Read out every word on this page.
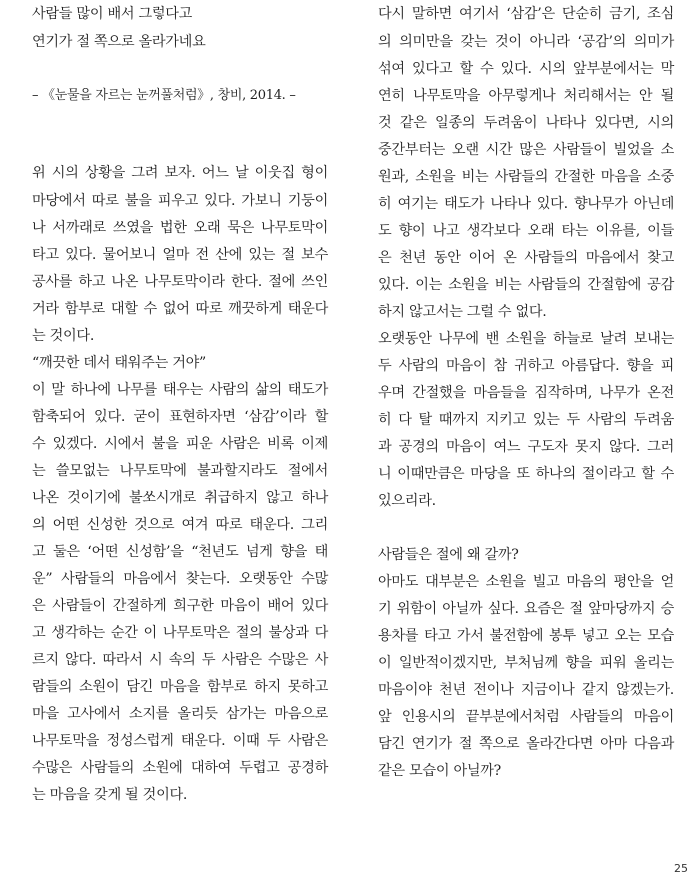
사람들 많이 배서 그렇다고
연기가 절 쪽으로 올라가네요
– 《눈물을 자르는 눈꺼풀처럼》, 창비, 2014. –
위 시의 상황을 그려 보자. 어느 날 이웃집 형이
마당에서 따로 불을 피우고 있다. 가보니 기둥이
나 서까래로 쓰였을 법한 오래 묵은 나무토막이
타고 있다. 물어보니 얼마 전 산에 있는 절 보수
공사를 하고 나온 나무토막이라 한다. 절에 쓰인
거라 함부로 대할 수 없어 따로 깨끗하게 태운다
는 것이다.
“깨끗한 데서 태워주는 거야”
이 말 하나에 나무를 태우는 사람의 삶의 태도가
함축되어 있다. 굳이 표현하자면 ‘삼감’이라 할
수 있겠다. 시에서 불을 피운 사람은 비록 이제
는 쓸모없는 나무토막에 불과할지라도 절에서
나온 것이기에 불쏘시개로 취급하지 않고 하나
의 어떤 신성한 것으로 여겨 따로 태운다. 그리
고 둘은 ‘어떤 신성함’을 “천년도 넘게 향을 태
운” 사람들의 마음에서 찾는다. 오랫동안 수많
은 사람들이 간절하게 희구한 마음이 배어 있다
고 생각하는 순간 이 나무토막은 절의 불상과 다
르지 않다. 따라서 시 속의 두 사람은 수많은 사
람들의 소원이 담긴 마음을 함부로 하지 못하고
마을 고사에서 소지를 올리듯 삼가는 마음으로
나무토막을 정성스럽게 태운다. 이때 두 사람은
수많은 사람들의 소원에 대하여 두렵고 공경하
는 마음을 갖게 될 것이다.
다시 말하면 여기서 ‘삼감’은 단순히 금기, 조심
의 의미만을 갖는 것이 아니라 ‘공감’의 의미가
섞여 있다고 할 수 있다. 시의 앞부분에서는 막
연히 나무토막을 아무렇게나 처리해서는 안 될
것 같은 일종의 두려움이 나타나 있다면, 시의
중간부터는 오랜 시간 많은 사람들이 빌었을 소
원과, 소원을 비는 사람들의 간절한 마음을 소중
히 여기는 태도가 나타나 있다. 향나무가 아닌데
도 향이 나고 생각보다 오래 타는 이유를, 이들
은 천년 동안 이어 온 사람들의 마음에서 찾고
있다. 이는 소원을 비는 사람들의 간절함에 공감
하지 않고서는 그럴 수 없다.
오랫동안 나무에 밴 소원을 하늘로 날려 보내는
두 사람의 마음이 참 귀하고 아름답다. 향을 피
우며 간절했을 마음들을 짐작하며, 나무가 온전
히 다 탈 때까지 지키고 있는 두 사람의 두려움
과 공경의 마음이 여느 구도자 못지 않다. 그러
니 이때만큼은 마당을 또 하나의 절이라고 할 수
있으리라.
사람들은 절에 왜 갈까?
아마도 대부분은 소원을 빌고 마음의 평안을 얻
기 위함이 아닐까 싶다. 요즘은 절 앞마당까지 승
용차를 타고 가서 불전함에 봉투 넣고 오는 모습
이 일반적이겠지만, 부처님께 향을 피워 올리는
마음이야 천년 전이나 지금이나 같지 않겠는가.
앞 인용시의 끝부분에서처럼 사람들의 마음이
담긴 연기가 절 쪽으로 올라간다면 아마 다음과
같은 모습이 아닐까?
25
